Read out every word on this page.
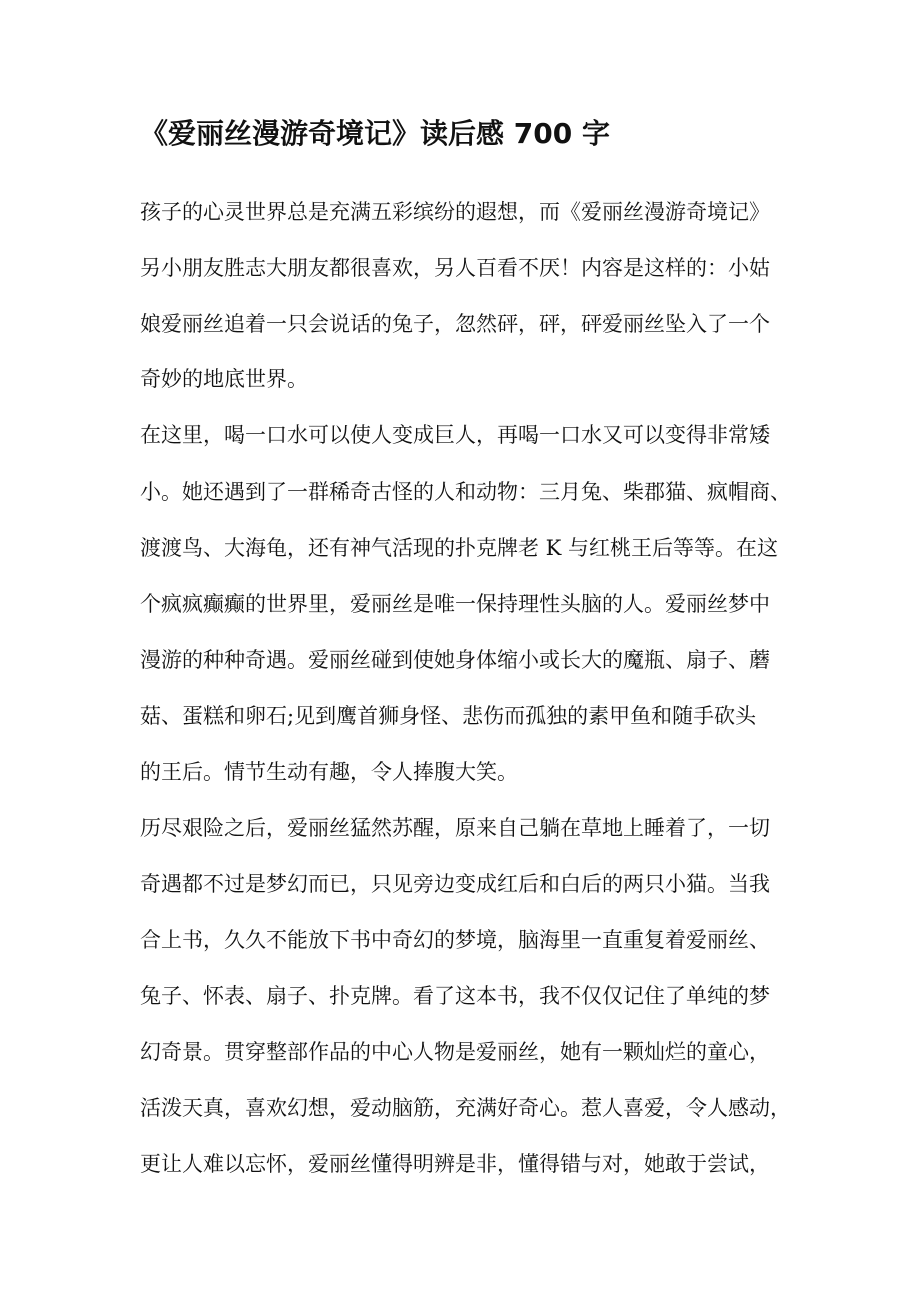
《爱丽丝漫游奇境记》读后感 700 字

孩子的心灵世界总是充满五彩缤纷的遐想，而《爱丽丝漫游奇境记》

另小朋友胜志大朋友都很喜欢，另人百看不厌！内容是这样的：小姑

娘爱丽丝追着一只会说话的兔子，忽然砰，砰，砰爱丽丝坠入了一个

奇妙的地底世界。

在这里，喝一口水可以使人变成巨人，再喝一口水又可以变得非常矮

小。她还遇到了一群稀奇古怪的人和动物：三月兔、柴郡猫、疯帽商、

渡渡鸟、大海龟，还有神气活现的扑克牌老 K 与红桃王后等等。在这

个疯疯癫癫的世界里，爱丽丝是唯一保持理性头脑的人。爱丽丝梦中

漫游的种种奇遇。爱丽丝碰到使她身体缩小或长大的魔瓶、扇子、蘑

菇、蛋糕和卵石;见到鹰首狮身怪、悲伤而孤独的素甲鱼和随手砍头

的王后。情节生动有趣，令人捧腹大笑。

历尽艰险之后，爱丽丝猛然苏醒，原来自己躺在草地上睡着了，一切

奇遇都不过是梦幻而已，只见旁边变成红后和白后的两只小猫。当我

合上书，久久不能放下书中奇幻的梦境，脑海里一直重复着爱丽丝、

兔子、怀表、扇子、扑克牌。看了这本书，我不仅仅记住了单纯的梦

幻奇景。贯穿整部作品的中心人物是爱丽丝，她有一颗灿烂的童心，

活泼天真，喜欢幻想，爱动脑筋，充满好奇心。惹人喜爱，令人感动，

更让人难以忘怀，爱丽丝懂得明辨是非，懂得错与对，她敢于尝试，
